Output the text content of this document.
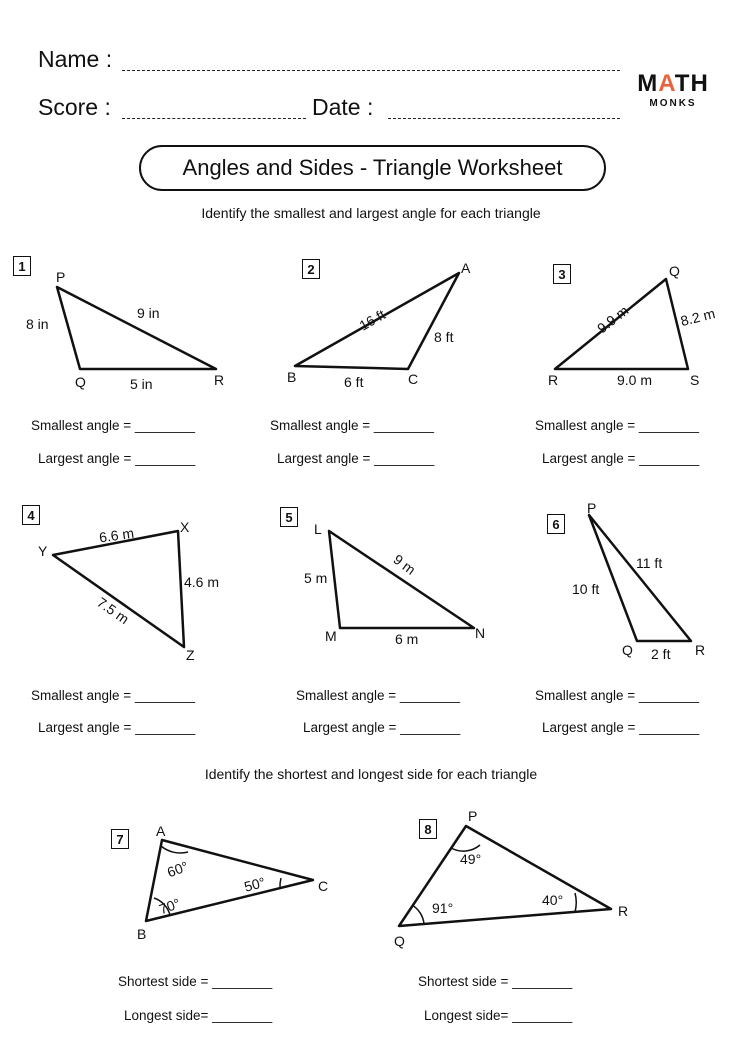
Name :
Score :	Date :
MATH
MONKS
Angles and Sides - Triangle Worksheet
Identify the smallest and largest angle for each triangle
1	2	3
4	5	6
7
8
P
Q	R
8 in
9 in
5 in
A
B	C
16 ft
8 ft
6 ft
Q
R	S
9.9 m	8.2 m
9.0 m
X
Y
Z
6.6 m
4.6 m
7.5 m
L
M	N
5 m
9 m
6 m
P
Q	R
10 ft
11 ft
2 ft
A
B
C
60°
70°
50°
P
Q
R
49°
91°	40°
Smallest angle = ________
Largest angle = ________
Smallest angle = ________
Largest angle = ________
Smallest angle = ________
Largest angle = ________
Smallest angle = ________
Largest angle = ________
Smallest angle = ________
Largest angle = ________
Smallest angle = ________
Largest angle = ________
Identify the shortest and longest side for each triangle
Shortest side = ________
Longest side= ________
Shortest side = ________
Longest side= ________
